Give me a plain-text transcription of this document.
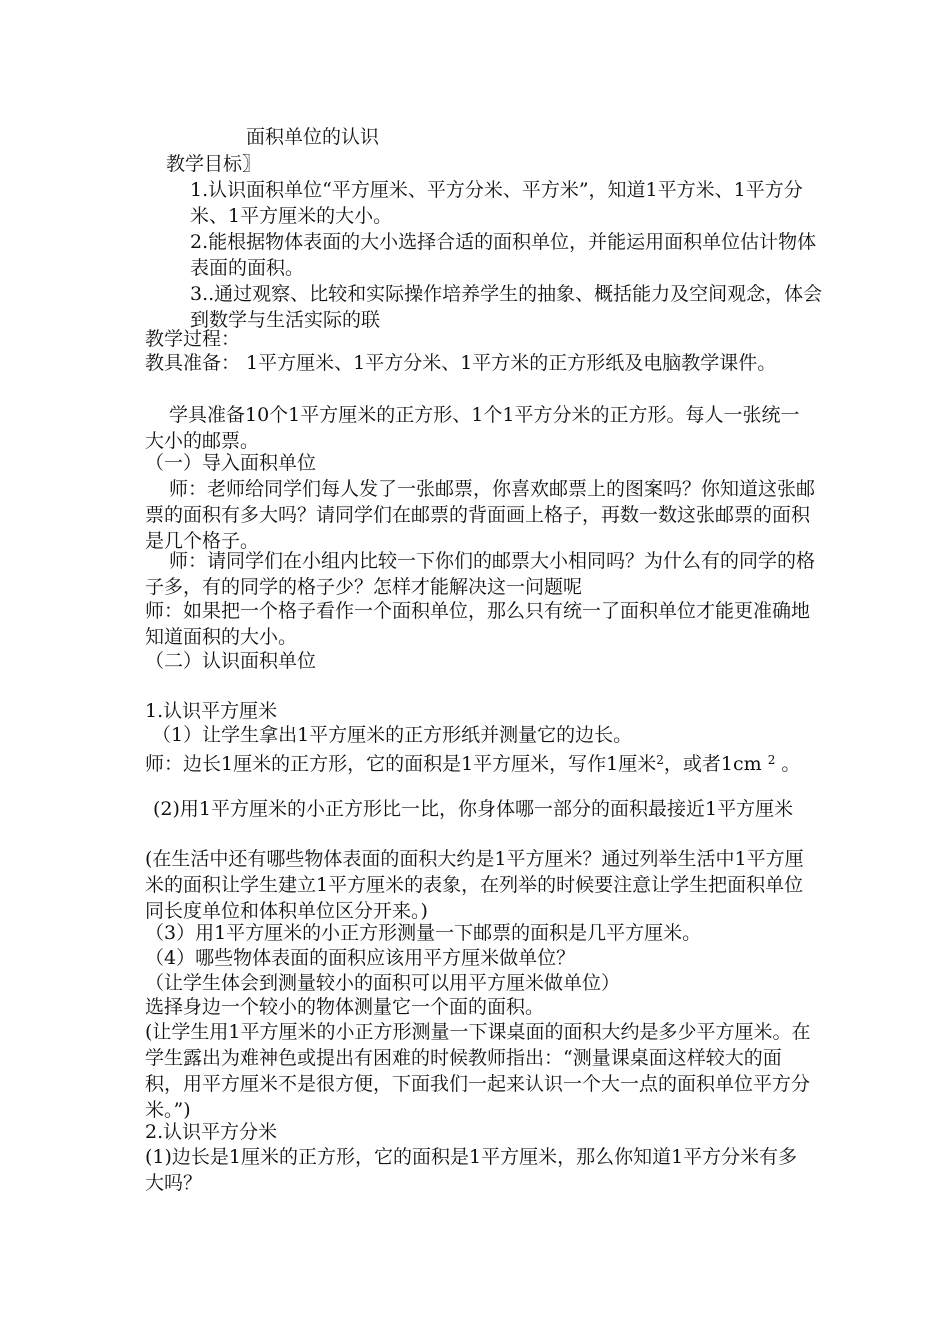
面积单位的认识
教学目标〗
1.认识面积单位“平方厘米、平方分米、平方米”，知道1平方米、1平方分米、1平方厘米的大小。
2.能根据物体表面的大小选择合适的面积单位，并能运用面积单位估计物体表面的面积。
3..通过观察、比较和实际操作培养学生的抽象、概括能力及空间观念，体会到数学与生活实际的联
教学过程：
教具准备： 1平方厘米、1平方分米、1平方米的正方形纸及电脑教学课件。
学具准备10个1平方厘米的正方形、1个1平方分米的正方形。每人一张统一大小的邮票。
（一）导入面积单位
师：老师给同学们每人发了一张邮票，你喜欢邮票上的图案吗？你知道这张邮票的面积有多大吗？请同学们在邮票的背面画上格子，再数一数这张邮票的面积是几个格子。
师：请同学们在小组内比较一下你们的邮票大小相同吗？为什么有的同学的格子多，有的同学的格子少？怎样才能解决这一问题呢
师：如果把一个格子看作一个面积单位，那么只有统一了面积单位才能更准确地知道面积的大小。
（二）认识面积单位
1.认识平方厘米
（1）让学生拿出1平方厘米的正方形纸并测量它的边长。
师：边长1厘米的正方形，它的面积是1平方厘米，写作1厘米$^2$，或者1cm $^2$ 。
(2)用1平方厘米的小正方形比一比，你身体哪一部分的面积最接近1平方厘米
(在生活中还有哪些物体表面的面积大约是1平方厘米？通过列举生活中1平方厘米的面积让学生建立1平方厘米的表象，在列举的时候要注意让学生把面积单位同长度单位和体积单位区分开来。)
（3）用1平方厘米的小正方形测量一下邮票的面积是几平方厘米。
（4）哪些物体表面的面积应该用平方厘米做单位？
（让学生体会到测量较小的面积可以用平方厘米做单位）
选择身边一个较小的物体测量它一个面的面积。
(让学生用1平方厘米的小正方形测量一下课桌面的面积大约是多少平方厘米。在学生露出为难神色或提出有困难的时候教师指出：“测量课桌面这样较大的面积，用平方厘米不是很方便，下面我们一起来认识一个大一点的面积单位平方分米。”)
2.认识平方分米
(1)边长是1厘米的正方形，它的面积是1平方厘米，那么你知道1平方分米有多大吗？
